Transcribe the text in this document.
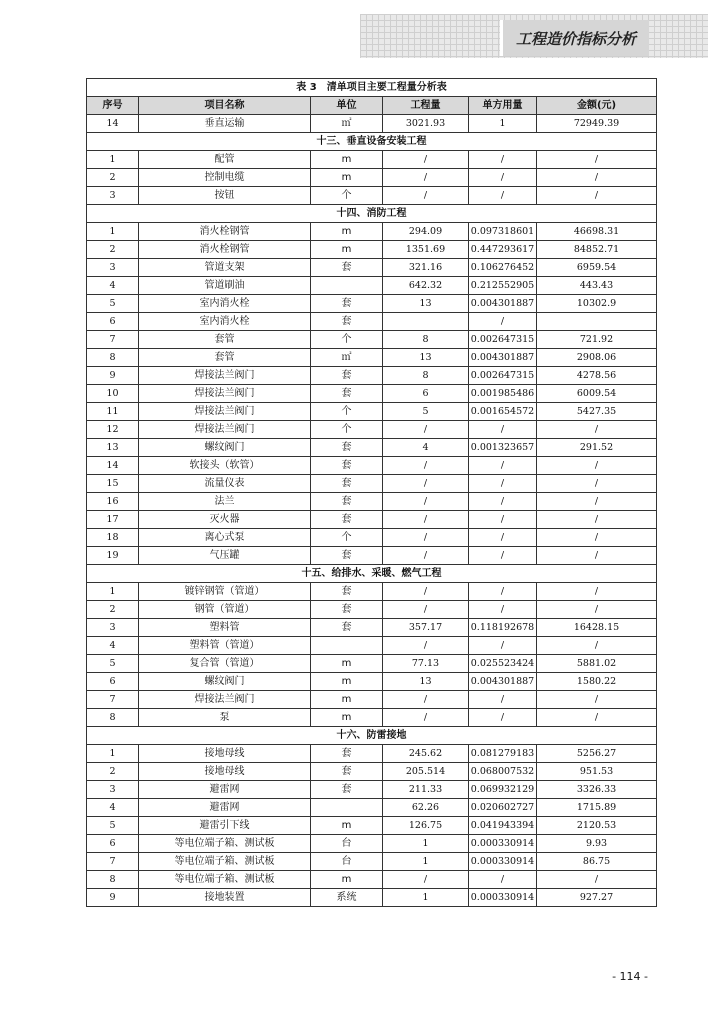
工程造价指标分析
表 3　清单项目主要工程量分析表					
序号	项目名称	单位	工程量	单方用量	金额(元)
14	垂直运输	㎡	3021.93	1	72949.39
十三、垂直设备安装工程					
1	配管	m	/	/	/
2	控制电缆	m	/	/	/
3	按钮	个	/	/	/
十四、消防工程					
1	消火栓钢管	m	294.09	0.097318601	46698.31
2	消火栓钢管	m	1351.69	0.447293617	84852.71
3	管道支架	套	321.16	0.106276452	6959.54
4	管道刷油		642.32	0.212552905	443.43
5	室内消火栓	套	13	0.004301887	10302.9
6	室内消火栓	套		/	
7	套管	个	8	0.002647315	721.92
8	套管	㎡	13	0.004301887	2908.06
9	焊接法兰阀门	套	8	0.002647315	4278.56
10	焊接法兰阀门	套	6	0.001985486	6009.54
11	焊接法兰阀门	个	5	0.001654572	5427.35
12	焊接法兰阀门	个	/	/	/
13	螺纹阀门	套	4	0.001323657	291.52
14	软接头（软管）	套	/	/	/
15	流量仪表	套	/	/	/
16	法兰	套	/	/	/
17	灭火器	套	/	/	/
18	离心式泵	个	/	/	/
19	气压罐	套	/	/	/
十五、给排水、采暖、燃气工程					
1	镀锌钢管（管道）	套	/	/	/
2	钢管（管道）	套	/	/	/
3	塑料管	套	357.17	0.118192678	16428.15
4	塑料管（管道）		/	/	/
5	复合管（管道）	m	77.13	0.025523424	5881.02
6	螺纹阀门	m	13	0.004301887	1580.22
7	焊接法兰阀门	m	/	/	/
8	泵	m	/	/	/
十六、防雷接地					
1	接地母线	套	245.62	0.081279183	5256.27
2	接地母线	套	205.514	0.068007532	951.53
3	避雷网	套	211.33	0.069932129	3326.33
4	避雷网		62.26	0.020602727	1715.89
5	避雷引下线	m	126.75	0.041943394	2120.53
6	等电位端子箱、测试板	台	1	0.000330914	9.93
7	等电位端子箱、测试板	台	1	0.000330914	86.75
8	等电位端子箱、测试板	m	/	/	/
9	接地装置	系统	1	0.000330914	927.27
- 114 -
